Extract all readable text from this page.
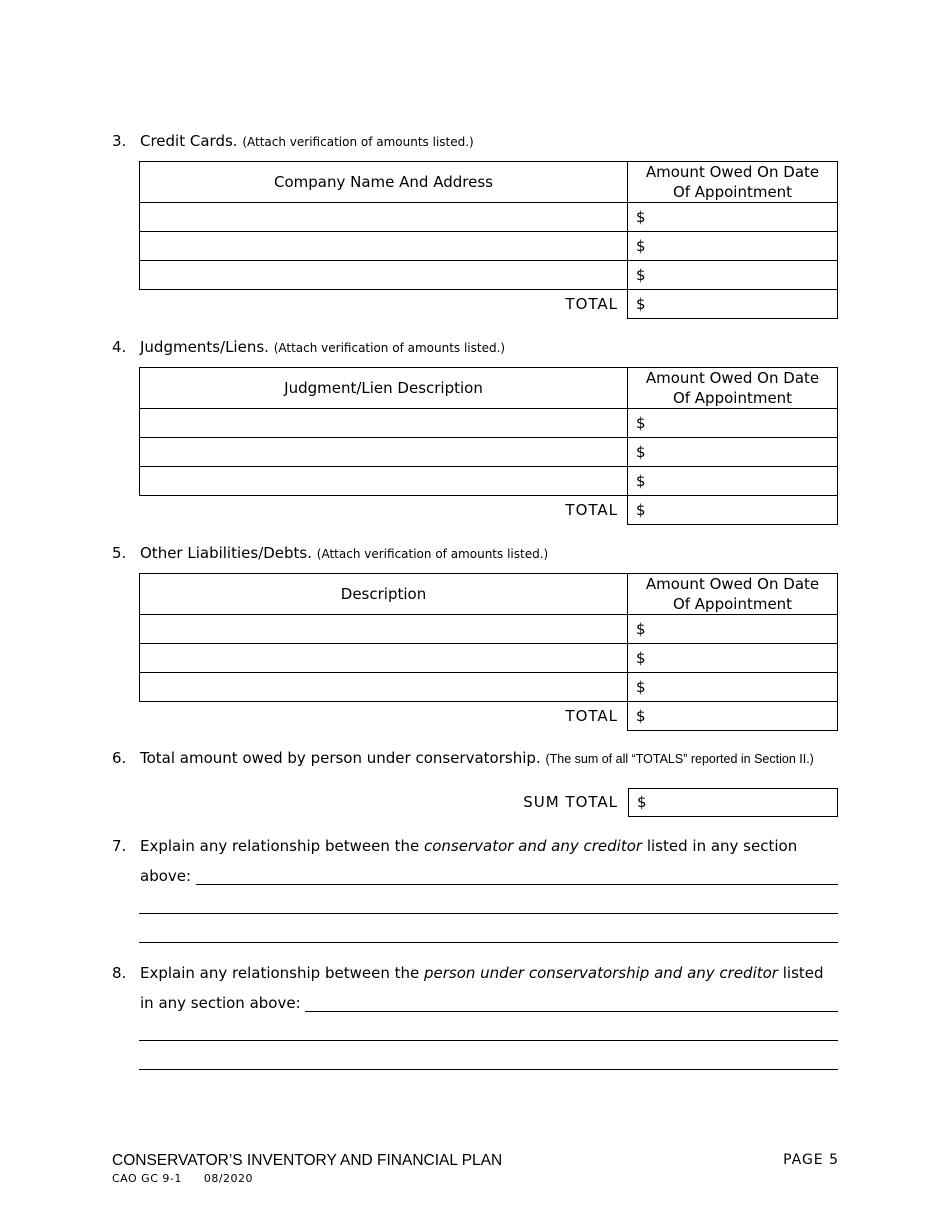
3. Credit Cards. (Attach verification of amounts listed.)
Company Name And Address	Amount Owed On Date
Of Appointment

	$
	$
	$
TOTAL	$
4. Judgments/Liens. (Attach verification of amounts listed.)
Judgment/Lien Description	Amount Owed On Date
Of Appointment

	$
	$
	$
TOTAL	$
5. Other Liabilities/Debts. (Attach verification of amounts listed.)
Description	Amount Owed On Date
Of Appointment

	$
	$
	$
TOTAL	$
6. Total amount owed by person under conservatorship. (The sum of all “TOTALS” reported in Section II.)
SUM TOTAL	$
7. Explain any relationship between the conservator and any creditor listed in any section
above:
8. Explain any relationship between the person under conservatorship and any creditor listed
in any section above:
CONSERVATOR’S INVENTORY AND FINANCIAL PLAN
CAO GC 9-1 08/2020
PAGE 5
